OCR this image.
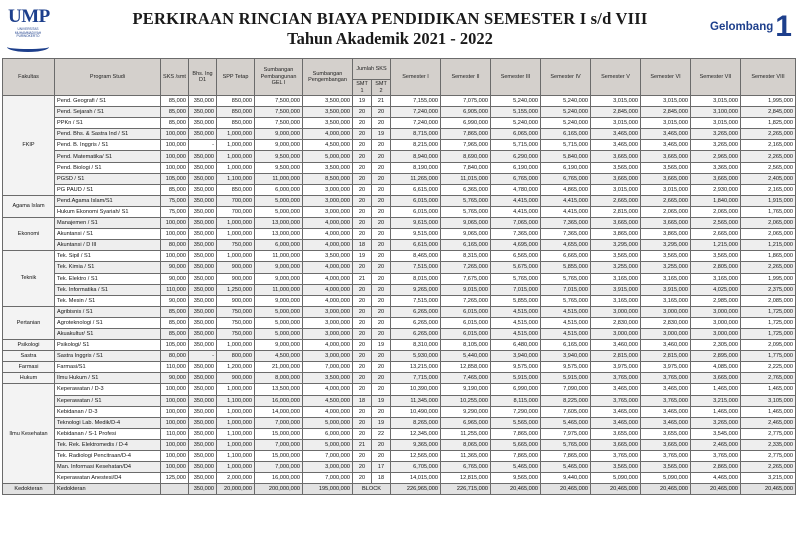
UMP
UNIVERSITAS MUHAMMADIYAH PURWOKERTO
PERKIRAAN RINCIAN BIAYA PENDIDIKAN SEMESTER I s/d VIII
Tahun Akademik 2021 - 2022
Gelombang 1
Fakultas	Program Studi	SKS /smt	Bhs. Ing D1	SPP Tetap	Sumbangan Pembangunan GEL I	Sumbangan Pengembangan	Jumlah SKS		Semester I	Semester II	Semester III	Semester IV	Semester V	Semester VI	Semester VII	Semester VIII
							SMT 1	SMT 2								
FKIP	Pend. Geografi / S1	85,000	350,000	850,000	7,500,000	3,500,000	19	21	7,155,000	7,075,000	5,240,000	5,240,000	3,015,000	3,015,000	3,015,000	1,995,000
	Pend. Sejarah / S1	85,000	350,000	850,000	7,500,000	3,500,000	20	20	7,240,000	6,905,000	5,155,000	5,240,000	2,845,000	2,845,000	3,100,000	2,845,000
	PPKn / S1	85,000	350,000	850,000	7,500,000	3,500,000	20	20	7,240,000	6,990,000	5,240,000	5,240,000	3,015,000	3,015,000	3,015,000	1,825,000
	Pend. Bhs. & Sastra Ind / S1	100,000	350,000	1,000,000	9,000,000	4,000,000	20	19	8,715,000	7,865,000	6,065,000	6,165,000	3,465,000	3,465,000	3,265,000	2,265,000
	Pend. B. Inggris / S1	100,000	-	1,000,000	9,000,000	4,500,000	20	20	8,215,000	7,965,000	5,715,000	5,715,000	3,465,000	3,465,000	3,265,000	2,165,000
	Pend. Matematika/ S1	100,000	350,000	1,000,000	9,500,000	5,000,000	20	20	8,940,000	8,690,000	6,290,000	5,840,000	3,665,000	3,665,000	2,965,000	2,265,000
	Pend. Biologi / S1	100,000	350,000	1,000,000	9,500,000	3,500,000	20	20	8,190,000	7,840,000	6,190,000	6,190,000	3,565,000	3,565,000	3,365,000	2,565,000
	PGSD / S1	105,000	350,000	1,100,000	11,000,000	8,500,000	20	20	11,265,000	11,015,000	6,765,000	6,765,000	3,665,000	3,665,000	3,665,000	2,405,000
	PG PAUD / S1	85,000	350,000	850,000	6,000,000	3,000,000	20	20	6,615,000	6,365,000	4,780,000	4,865,000	3,015,000	3,015,000	2,930,000	2,165,000
Agama Islam	Pend.Agama Islam/S1	75,000	350,000	700,000	5,000,000	3,000,000	20	20	6,015,000	5,765,000	4,415,000	4,415,000	2,665,000	2,665,000	1,840,000	1,915,000
	Hukum Ekonomi Syariah/ S1	75,000	350,000	700,000	5,000,000	3,000,000	20	20	6,015,000	5,765,000	4,415,000	4,415,000	2,815,000	2,065,000	2,065,000	1,765,000
Ekonomi	Manajemen / S1	100,000	350,000	1,000,000	13,000,000	4,000,000	20	20	9,615,000	9,065,000	7,065,000	7,365,000	3,665,000	3,665,000	2,565,000	2,065,000
	Akuntansi / S1	100,000	350,000	1,000,000	13,000,000	4,000,000	20	20	9,515,000	9,065,000	7,365,000	7,365,000	3,865,000	3,865,000	2,665,000	2,065,000
	Akuntansi / D III	80,000	350,000	750,000	6,000,000	4,000,000	18	20	6,615,000	6,165,000	4,695,000	4,655,000	3,295,000	3,295,000	1,215,000	1,215,000
Teknik	Tek. Sipil / S1	100,000	350,000	1,000,000	11,000,000	3,500,000	19	20	8,465,000	8,315,000	6,565,000	6,665,000	3,565,000	3,565,000	3,565,000	1,865,000
	Tek. Kimia / S1	90,000	350,000	900,000	9,000,000	4,000,000	20	20	7,515,000	7,265,000	5,675,000	5,855,000	3,255,000	3,255,000	2,805,000	2,265,000
	Tek. Elektro / S1	90,000	350,000	900,000	9,000,000	4,000,000	21	20	8,015,000	7,675,000	5,765,000	5,765,000	3,165,000	3,165,000	3,165,000	1,995,000
	Tek. Informatika / S1	110,000	350,000	1,250,000	11,000,000	4,000,000	20	20	9,265,000	9,015,000	7,015,000	7,015,000	3,915,000	3,915,000	4,025,000	2,375,000
	Tek. Mesin / S1	90,000	350,000	900,000	9,000,000	4,000,000	20	20	7,515,000	7,265,000	5,855,000	5,765,000	3,165,000	3,165,000	2,985,000	2,085,000
Pertanian	Agribisnis / S1	85,000	350,000	750,000	5,000,000	3,000,000	20	20	6,265,000	6,015,000	4,515,000	4,515,000	3,000,000	3,000,000	3,000,000	1,725,000
	Agroteknologi / S1	85,000	350,000	750,000	5,000,000	3,000,000	20	20	6,265,000	6,015,000	4,515,000	4,515,000	2,830,000	2,830,000	3,000,000	1,725,000
	Akuakultur/ S1	85,000	350,000	750,000	5,000,000	3,000,000	20	20	6,265,000	6,015,000	4,515,000	4,515,000	3,000,000	3,000,000	3,000,000	1,725,000
Psikologi	Psikologi/ S1	105,000	350,000	1,000,000	9,000,000	4,000,000	20	19	8,310,000	8,105,000	6,480,000	6,165,000	3,460,000	3,460,000	2,305,000	2,095,000
Sastra	Sastra Inggris / S1	80,000	-	800,000	4,500,000	3,000,000	20	20	5,930,000	5,440,000	3,940,000	3,940,000	2,815,000	2,815,000	2,895,000	1,775,000
Farmasi	Farmasi/S1	110,000	350,000	1,200,000	21,000,000	7,000,000	20	20	13,215,000	12,858,000	9,575,000	9,575,000	3,975,000	3,975,000	4,085,000	2,225,000
Hukum	Ilmu Hukum / S1	90,000	350,000	900,000	8,000,000	3,500,000	20	20	7,715,000	7,465,000	5,915,000	5,915,000	3,765,000	3,765,000	3,665,000	2,765,000
Ilmu Kesehatan	Keperawatan / D-3	100,000	350,000	1,000,000	13,500,000	4,000,000	20	20	10,390,000	9,190,000	6,990,000	7,090,000	3,465,000	3,465,000	1,465,000	1,465,000
	Keperawatan / S1	100,000	350,000	1,100,000	16,000,000	4,500,000	18	19	11,345,000	10,255,000	8,115,000	8,225,000	3,765,000	3,765,000	3,215,000	3,105,000
	Kebidanan / D-3	100,000	350,000	1,000,000	14,000,000	4,000,000	20	20	10,490,000	9,290,000	7,290,000	7,605,000	3,465,000	3,465,000	1,465,000	1,465,000
	Teknologi Lab. Medik/D-4	100,000	350,000	1,000,000	7,000,000	5,000,000	20	19	8,265,000	6,965,000	5,565,000	5,465,000	3,465,000	3,465,000	3,265,000	2,465,000
	Kebidanan / S-1 Profesi	110,000	350,000	1,100,000	15,000,000	6,000,000	20	22	12,345,000	11,255,000	7,865,000	7,975,000	3,655,000	3,655,000	3,545,000	2,775,000
	Tek. Rek. Elektromedis / D-4	100,000	350,000	1,000,000	7,000,000	5,000,000	21	20	9,365,000	8,065,000	5,665,000	5,765,000	3,665,000	3,665,000	2,465,000	2,335,000
	Tek. Radiologi Pencitraan/D-4	100,000	350,000	1,100,000	15,000,000	7,000,000	20	20	12,565,000	11,365,000	7,865,000	7,865,000	3,765,000	3,765,000	3,765,000	2,775,000
	Man. Informasi Kesehatan/D4	100,000	350,000	1,000,000	7,000,000	3,000,000	20	17	6,705,000	6,765,000	5,465,000	5,465,000	3,565,000	3,565,000	2,865,000	2,265,000
	Keperawatan Anestesi/D4	125,000	350,000	2,000,000	16,000,000	7,000,000	20	18	14,015,000	12,815,000	9,565,000	9,440,000	5,090,000	5,090,000	4,465,000	3,215,000
Kedokteran	Kedokteran		350,000	20,000,000	200,000,000	195,000,000	BLOCK		226,965,000	226,715,000	20,465,000	20,465,000	20,465,000	20,465,000	20,465,000	20,465,000
